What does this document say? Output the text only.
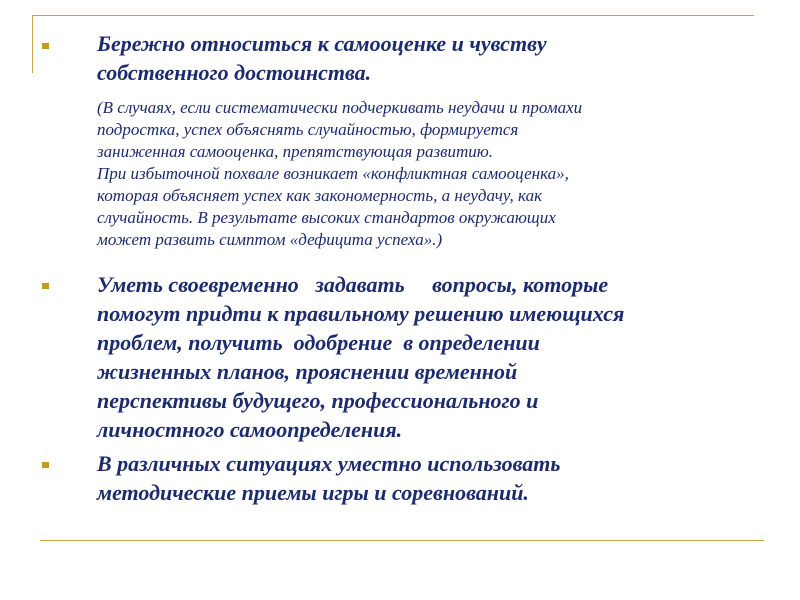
Бережно относиться к самооценке и чувству
собственного достоинства.
(В случаях, если систематически подчеркивать неудачи и промахи
подростка, успех объяснять случайностью, формируется
заниженная самооценка, препятствующая развитию.
При избыточной похвале возникает «конфликтная самооценка»,
которая объясняет успех как закономерность, а неудачу, как
случайность. В результате высоких стандартов окружающих
может развить симптом «дефицита успеха».)
Уметь своевременно   задавать     вопросы, которые
помогут придти к правильному решению имеющихся
проблем, получить  одобрение  в определении
жизненных планов, прояснении временной
перспективы будущего, профессионального и
личностного самоопределения.
В различных ситуациях уместно использовать
методические приемы игры и соревнований.
